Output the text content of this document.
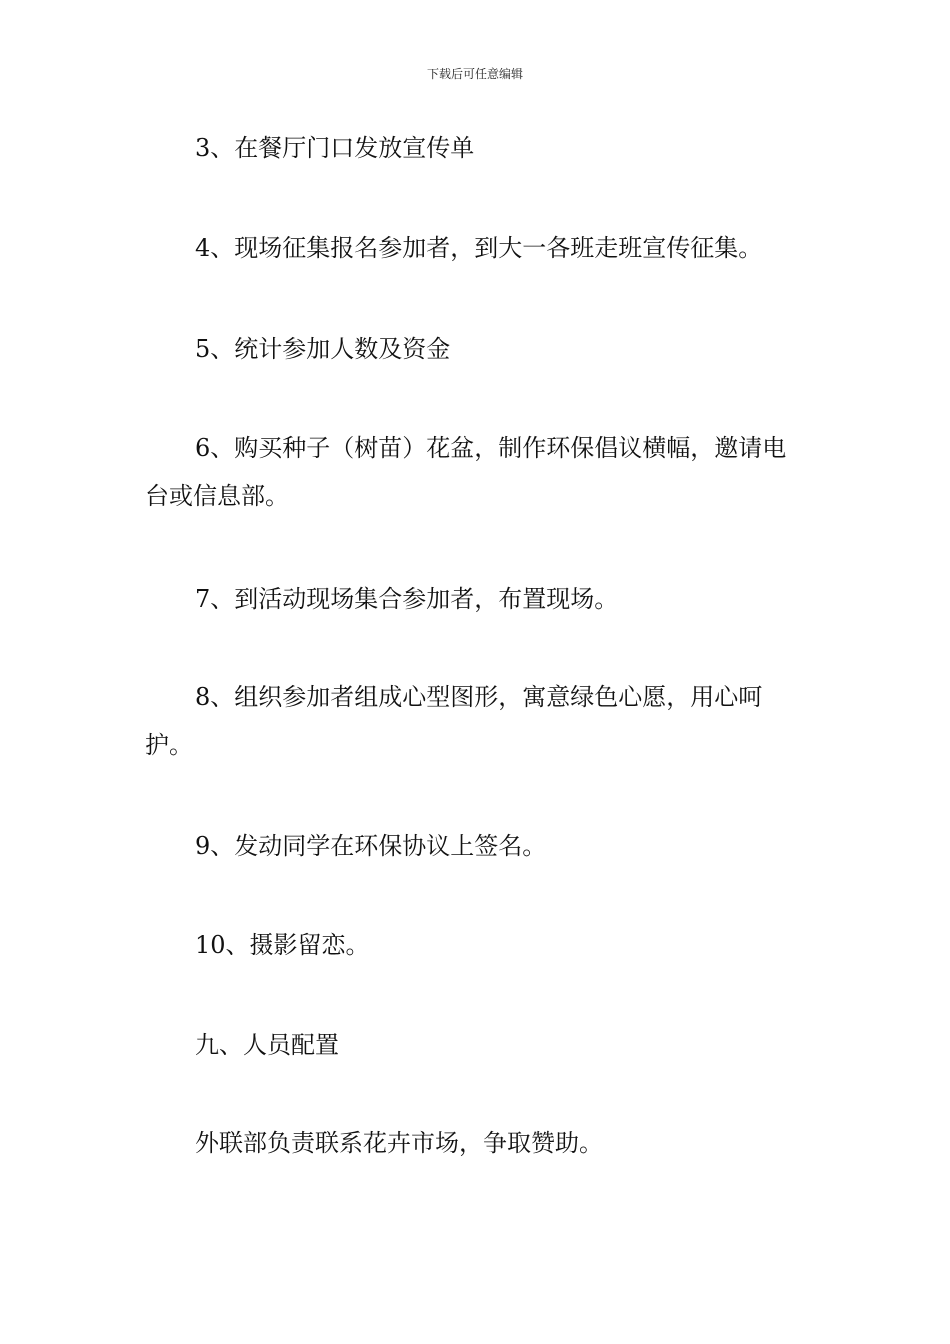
下载后可任意编辑

3、在餐厅门口发放宣传单

4、现场征集报名参加者，到大一各班走班宣传征集。

5、统计参加人数及资金

6、购买种子（树苗）花盆，制作环保倡议横幅，邀请电台或信息部。

7、到活动现场集合参加者，布置现场。

8、组织参加者组成心型图形，寓意绿色心愿，用心呵护。

9、发动同学在环保协议上签名。

10、摄影留恋。

九、人员配置

外联部负责联系花卉市场，争取赞助。
